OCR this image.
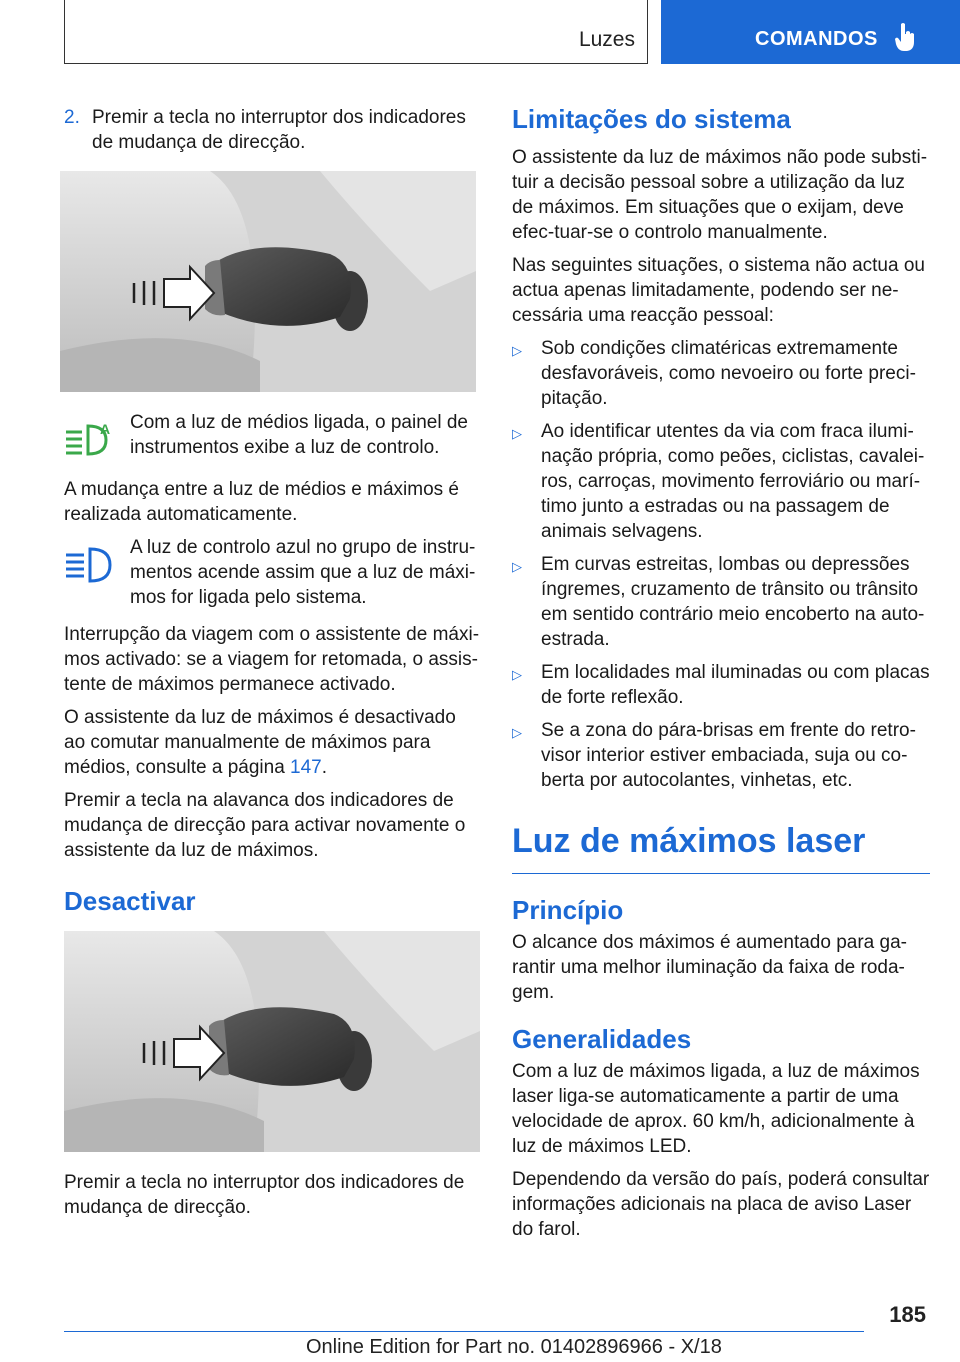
Luzes	COMANDOS
2. Premir a tecla no interruptor dos indicadores de mudança de direcção.
A Com a luz de médios ligada, o painel de instrumentos exibe a luz de controlo.

A mudança entre a luz de médios e máximos é realizada automaticamente.

A luz de controlo azul no grupo de instru‐mentos acende assim que a luz de máxi‐mos for ligada pelo sistema.

Interrupção da viagem com o assistente de máxi‐mos activado: se a viagem for retomada, o assis‐tente de máximos permanece activado.

O assistente da luz de máximos é desactivado ao comutar manualmente de máximos para médios, consulte a página 147.

Premir a tecla na alavanca dos indicadores de mudança de direcção para activar novamente o assistente da luz de máximos.

Desactivar

Premir a tecla no interruptor dos indicadores de mudança de direcção.

Limitações do sistema

O assistente da luz de máximos não pode substi‐tuir a decisão pessoal sobre a utilização da luz de máximos. Em situações que o exijam, deve efec‐tuar-se o controlo manualmente.

Nas seguintes situações, o sistema não actua ou actua apenas limitadamente, podendo ser ne‐cessária uma reacção pessoal:

▷	Sob condições climatéricas extremamente desfavoráveis, como nevoeiro ou forte preci‐pitação.
▷	Ao identificar utentes da via com fraca ilumi‐nação própria, como peões, ciclistas, cavalei‐ros, carroças, movimento ferroviário ou marí‐timo junto a estradas ou na passagem de animais selvagens.
▷	Em curvas estreitas, lombas ou depressões íngremes, cruzamento de trânsito ou trânsito em sentido contrário meio encoberto na auto-estrada.
▷	Em localidades mal iluminadas ou com placas de forte reflexão.
▷	Se a zona do pára-brisas em frente do retro‐visor interior estiver embaciada, suja ou co‐berta por autocolantes, vinhetas, etc.
Luz de máximos laser
Princípio

O alcance dos máximos é aumentado para ga‐rantir uma melhor iluminação da faixa de roda‐gem.

Generalidades

Com a luz de máximos ligada, a luz de máximos laser liga-se automaticamente a partir de uma velocidade de aprox. 60 km/h, adicionalmente à luz de máximos LED.

Dependendo da versão do país, poderá consultar informações adicionais na placa de aviso Laser do farol.

185
Online Edition for Part no. 01402896966 - X/18
